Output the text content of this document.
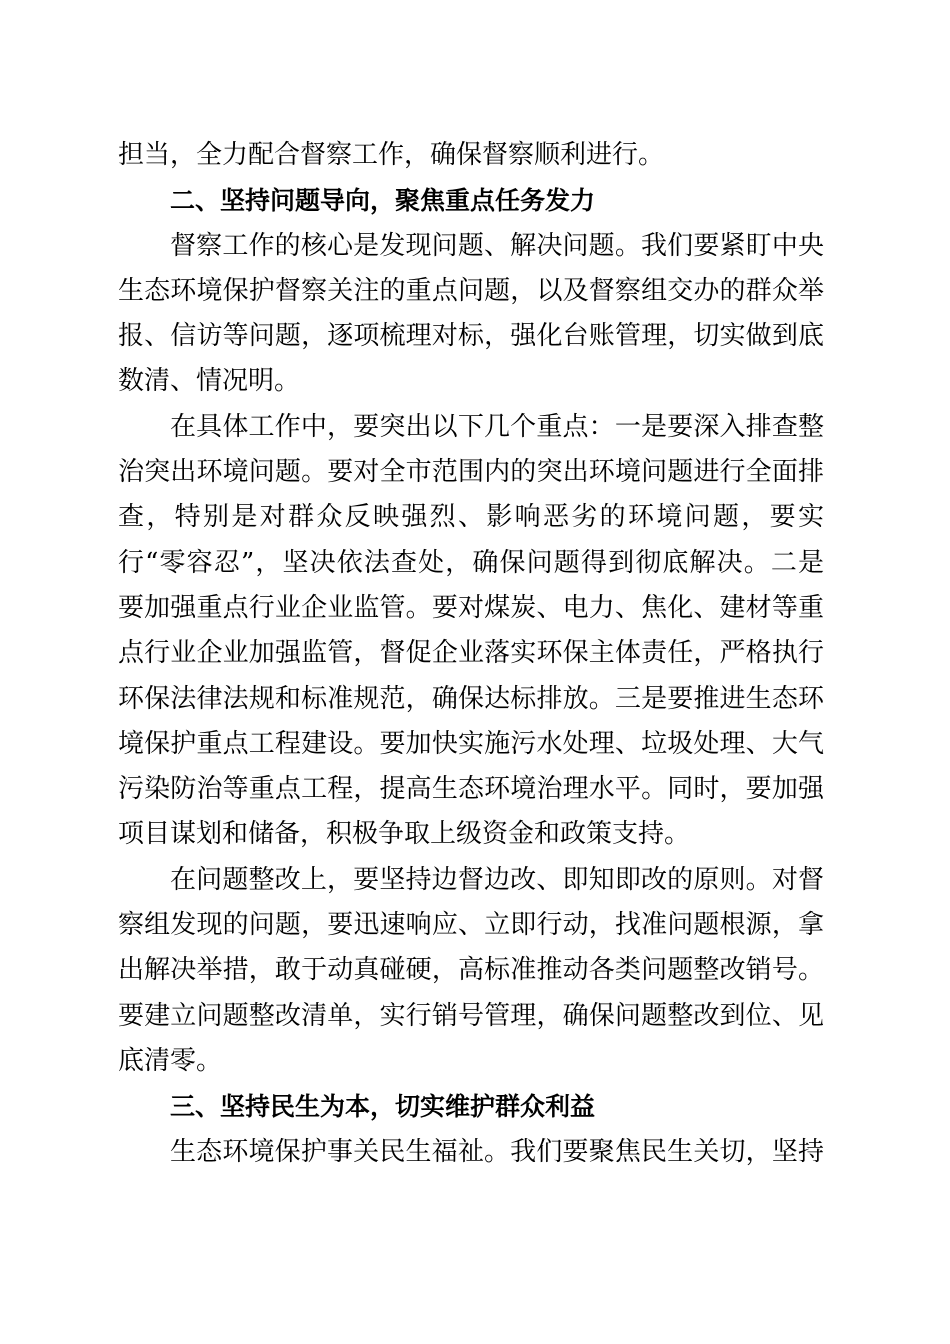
担当，全力配合督察工作，确保督察顺利进行。
二、坚持问题导向，聚焦重点任务发力
督察工作的核心是发现问题、解决问题。我们要紧盯中央
生态环境保护督察关注的重点问题，以及督察组交办的群众举
报、信访等问题，逐项梳理对标，强化台账管理，切实做到底
数清、情况明。
在具体工作中，要突出以下几个重点：一是要深入排查整
治突出环境问题。要对全市范围内的突出环境问题进行全面排
查，特别是对群众反映强烈、影响恶劣的环境问题，要实
行“零容忍”，坚决依法查处，确保问题得到彻底解决。二是
要加强重点行业企业监管。要对煤炭、电力、焦化、建材等重
点行业企业加强监管，督促企业落实环保主体责任，严格执行
环保法律法规和标准规范，确保达标排放。三是要推进生态环
境保护重点工程建设。要加快实施污水处理、垃圾处理、大气
污染防治等重点工程，提高生态环境治理水平。同时，要加强
项目谋划和储备，积极争取上级资金和政策支持。
在问题整改上，要坚持边督边改、即知即改的原则。对督
察组发现的问题，要迅速响应、立即行动，找准问题根源，拿
出解决举措，敢于动真碰硬，高标准推动各类问题整改销号。
要建立问题整改清单，实行销号管理，确保问题整改到位、见
底清零。
三、坚持民生为本，切实维护群众利益
生态环境保护事关民生福祉。我们要聚焦民生关切，坚持
